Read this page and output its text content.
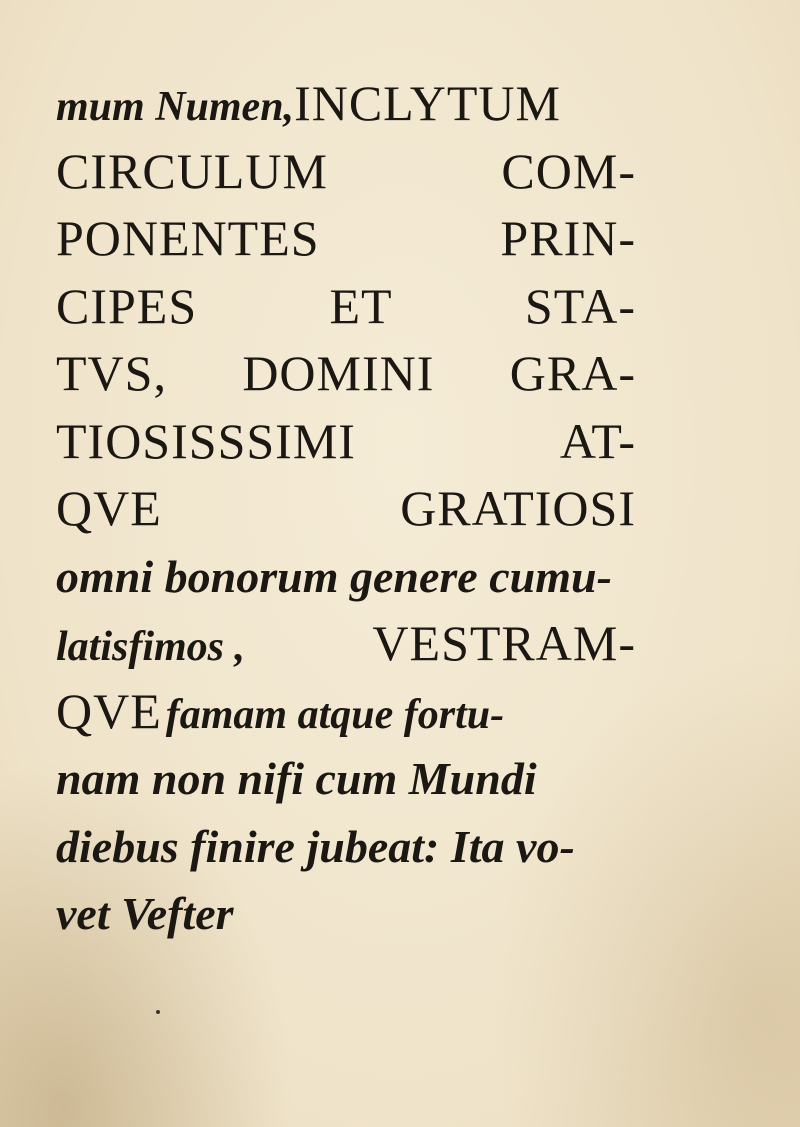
mum Numen,INCLYTUM
CIRCULUM	COM-
PONENTES	PRIN-
CIPES	ET	STA-
TVS, DOMINI GRA-
TIOSISSSIMI	AT-
QVE	GRATIOSI
omni bonorum genere cumu-
latisfimos ,	VESTRAM-
QVE famam atque fortu-
nam non nifi cum Mundi
diebus finire jubeat: Ita vo-
vet Vefter
